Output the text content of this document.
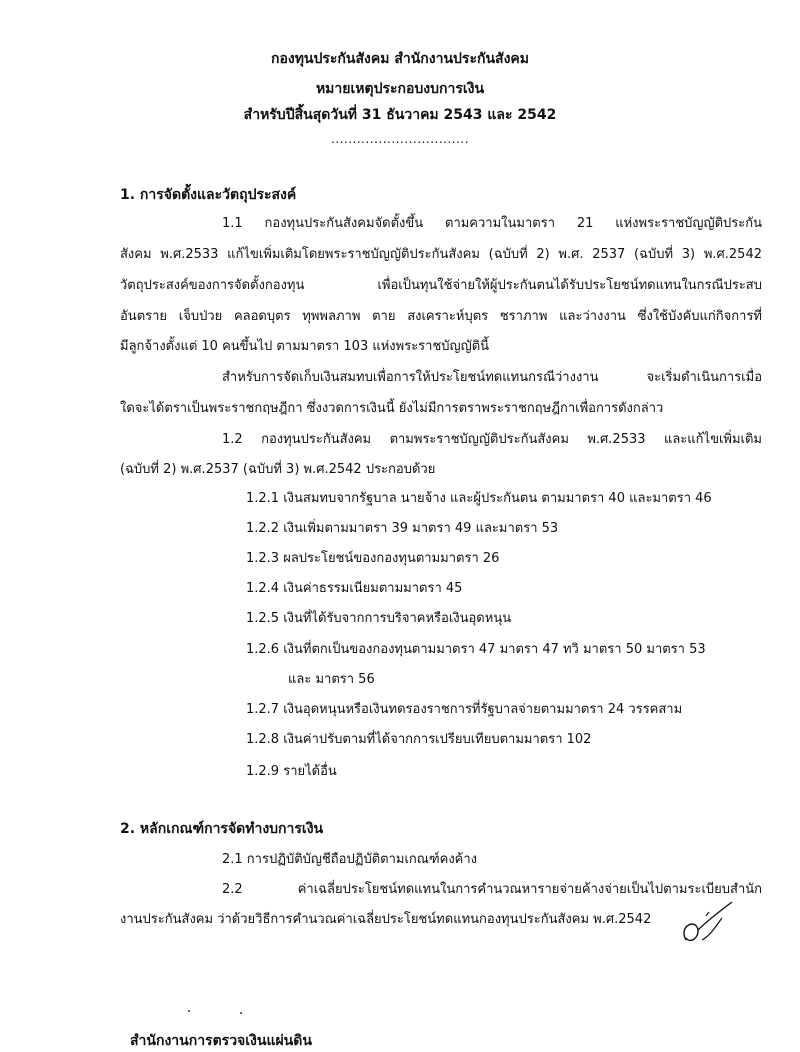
กองทุนประกันสังคม สำนักงานประกันสังคม
หมายเหตุประกอบงบการเงิน
สำหรับปีสิ้นสุดวันที่ 31 ธันวาคม 2543 และ 2542
................................
1. การจัดตั้งและวัตถุประสงค์
1.1 กองทุนประกันสังคมจัดตั้งขึ้น ตามความในมาตรา 21 แห่งพระราชบัญญัติประกัน
สังคม พ.ศ.2533 แก้ไขเพิ่มเติมโดยพระราชบัญญัติประกันสังคม (ฉบับที่ 2) พ.ศ. 2537 (ฉบับที่ 3) พ.ศ.2542
วัตถุประสงค์ของการจัดตั้งกองทุน เพื่อเป็นทุนใช้จ่ายให้ผู้ประกันตนได้รับประโยชน์ทดแทนในกรณีประสบ
อันตราย เจ็บป่วย คลอดบุตร ทุพพลภาพ ตาย สงเคราะห์บุตร ชราภาพ และว่างงาน ซึ่งใช้บังคับแก่กิจการที่
มีลูกจ้างตั้งแต่ 10 คนขึ้นไป ตามมาตรา 103 แห่งพระราชบัญญัตินี้
สำหรับการจัดเก็บเงินสมทบเพื่อการให้ประโยชน์ทดแทนกรณีว่างงาน จะเริ่มดำเนินการเมื่อ
ใดจะได้ตราเป็นพระราชกฤษฎีกา ซึ่งงวดการเงินนี้ ยังไม่มีการตราพระราชกฤษฎีกาเพื่อการดังกล่าว
1.2 กองทุนประกันสังคม ตามพระราชบัญญัติประกันสังคม พ.ศ.2533 และแก้ไขเพิ่มเติม
(ฉบับที่ 2) พ.ศ.2537 (ฉบับที่ 3) พ.ศ.2542 ประกอบด้วย
1.2.1 เงินสมทบจากรัฐบาล นายจ้าง และผู้ประกันตน ตามมาตรา 40 และมาตรา 46
1.2.2 เงินเพิ่มตามมาตรา 39 มาตรา 49 และมาตรา 53
1.2.3 ผลประโยชน์ของกองทุนตามมาตรา 26
1.2.4 เงินค่าธรรมเนียมตามมาตรา 45
1.2.5 เงินที่ได้รับจากการบริจาคหรือเงินอุดหนุน
1.2.6 เงินที่ตกเป็นของกองทุนตามมาตรา 47 มาตรา 47 ทวิ มาตรา 50 มาตรา 53
และ มาตรา 56
1.2.7 เงินอุดหนุนหรือเงินทดรองราชการที่รัฐบาลจ่ายตามมาตรา 24 วรรคสาม
1.2.8 เงินค่าปรับตามที่ได้จากการเปรียบเทียบตามมาตรา 102
1.2.9 รายได้อื่น
2. หลักเกณฑ์การจัดทำงบการเงิน
2.1 การปฏิบัติบัญชีถือปฏิบัติตามเกณฑ์คงค้าง
2.2 ค่าเฉลี่ยประโยชน์ทดแทนในการคำนวณหารายจ่ายค้างจ่ายเป็นไปตามระเบียบสำนัก
งานประกันสังคม ว่าด้วยวิธีการคำนวณค่าเฉลี่ยประโยชน์ทดแทนกองทุนประกันสังคม พ.ศ.2542
สำนักงานการตรวจเงินแผ่นดิน
